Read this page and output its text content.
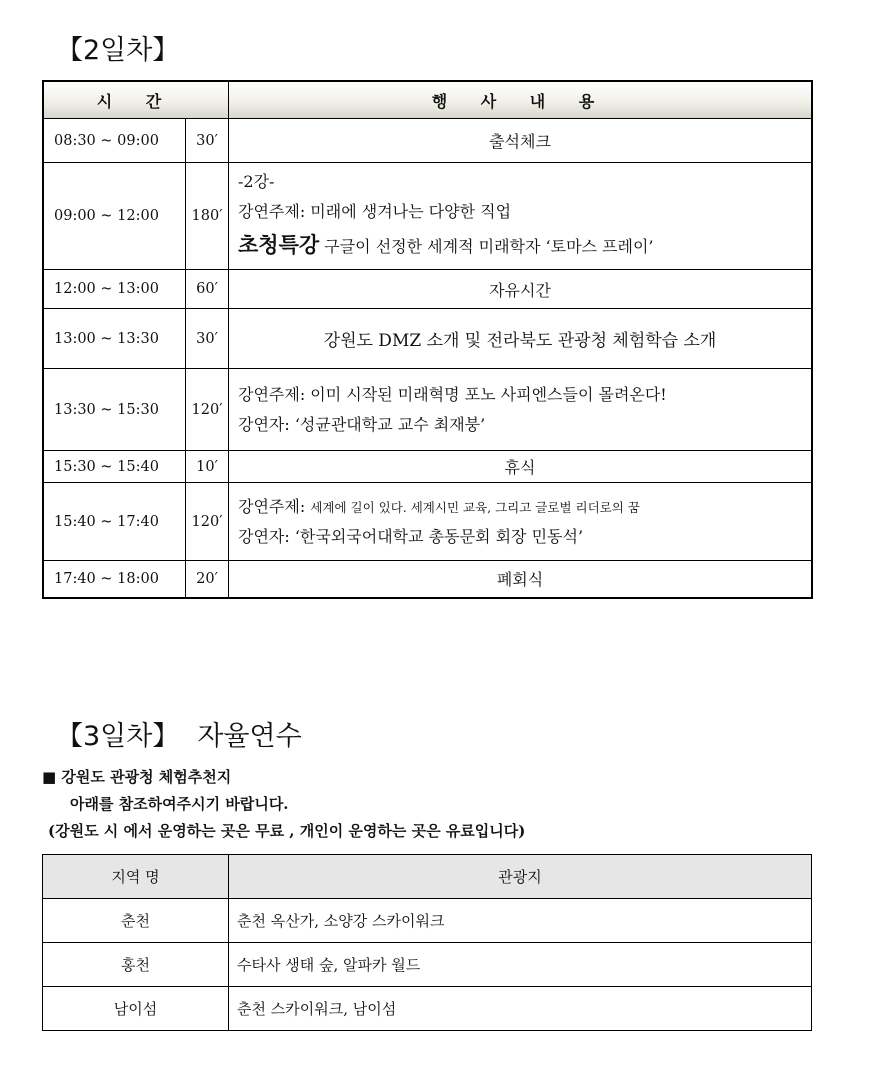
【2일차】
시 간		행 사 내 용
08:30 ~ 09:00	30′	출석체크
09:00 ~ 12:00	180′	-2강-
강연주제: 미래에 생겨나는 다양한 직업
초청특강 구글이 선정한 세계적 미래학자 ‘토마스 프레이’

12:00 ~ 13:00	60′	자유시간
13:00 ~ 13:30	30′	강원도 DMZ 소개 및 전라북도 관광청 체험학습 소개
13:30 ~ 15:30	120′	강연주제: 이미 시작된 미래혁명 포노 사피엔스들이 몰려온다!
강연자: ‘성균관대학교 교수 최재붕’

15:30 ~ 15:40	10′	휴식
15:40 ~ 17:40	120′	강연주제: 세계에 길이 있다. 세계시민 교육, 그리고 글로벌 리더로의 꿈
강연자: ‘한국외국어대학교 총동문회 회장 민동석’

17:40 ~ 18:00	20′	폐회식
【3일차】 자율연수
■ 강원도 관광청 체험추천지
아래를 참조하여주시기 바랍니다.
(강원도 시 에서 운영하는 곳은 무료 , 개인이 운영하는 곳은 유료입니다)
지역 명	관광지
춘천	춘천 옥산가, 소양강 스카이워크
홍천	수타사 생태 숲, 알파카 월드
남이섬	춘천 스카이워크, 남이섬
